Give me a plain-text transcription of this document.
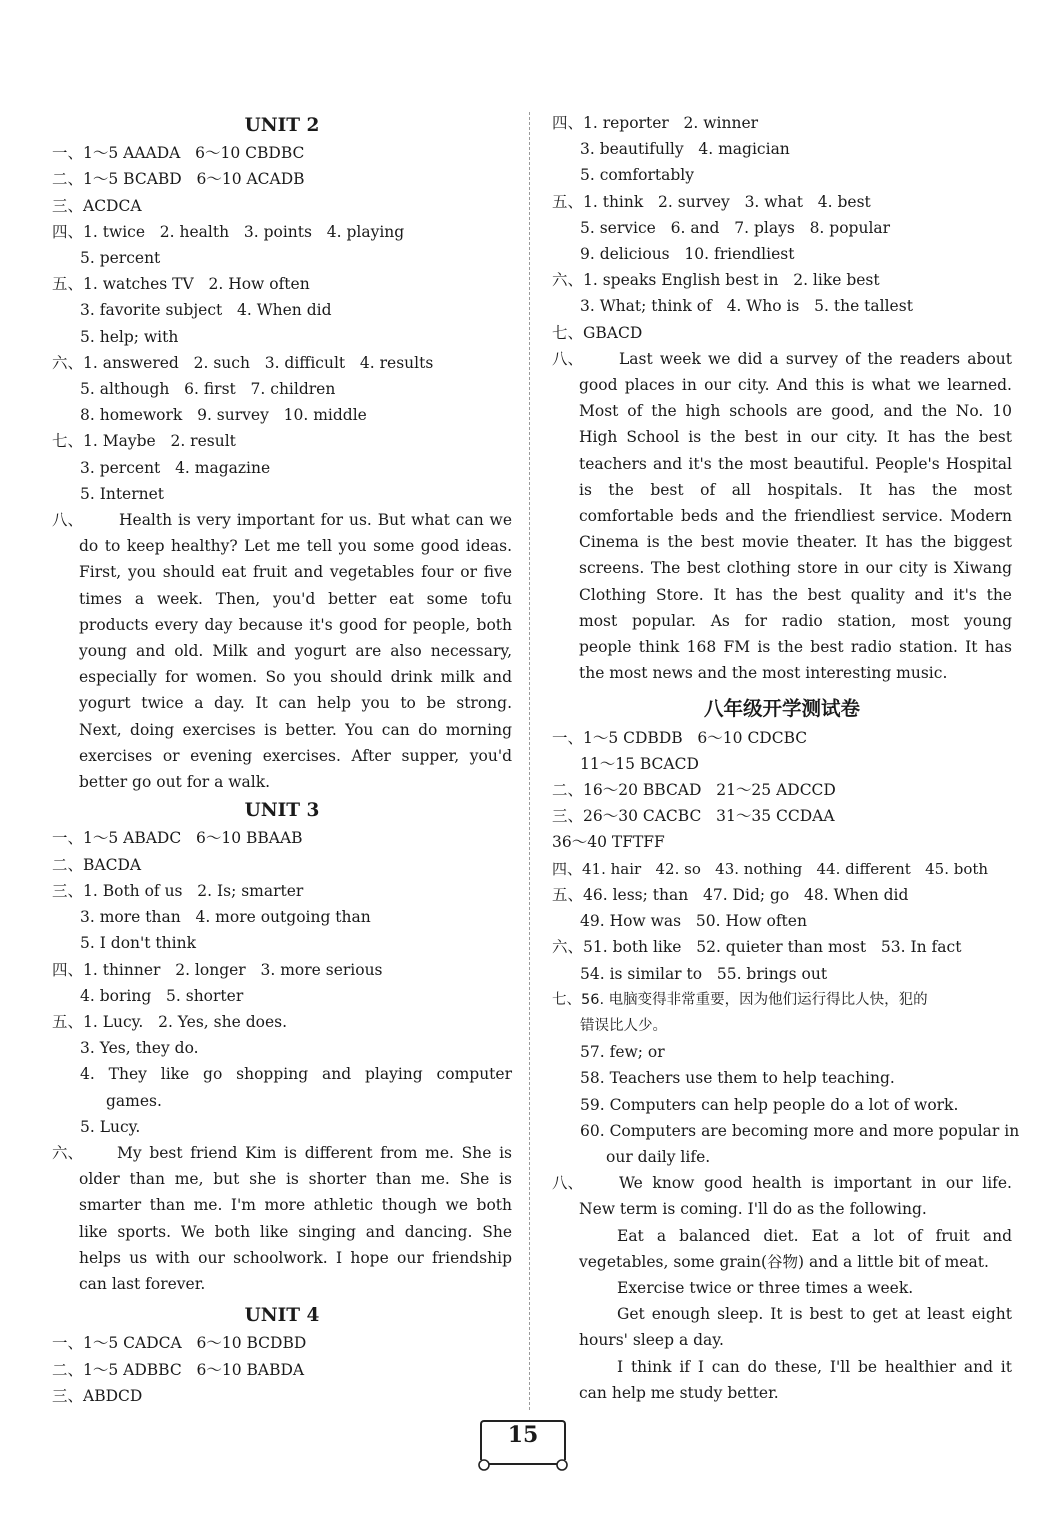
UNIT 2
一、1～5 AAADA   6～10 CBDBC
二、1～5 BCABD   6～10 ACADB
三、ACDCA
四、1. twice   2. health   3. points   4. playing
5. percent
五、1. watches TV   2. How often
3. favorite subject   4. When did
5. help; with
六、1. answered   2. such   3. difficult   4. results
5. although   6. first   7. children
8. homework   9. survey   10. middle
七、1. Maybe   2. result
3. percent   4. magazine
5. Internet
八、	Health is very important for us. But what can we
do to keep healthy? Let me tell you some good ideas.
First, you should eat fruit and vegetables four or five
times a week. Then, you'd better eat some tofu
products every day because it's good for people, both
young and old. Milk and yogurt are also necessary,
especially for women. So you should drink milk and
yogurt twice a day. It can help you to be strong.
Next, doing exercises is better. You can do morning
exercises or evening exercises. After supper, you'd
better go out for a walk.
UNIT 3
一、1～5 ABADC   6～10 BBAAB
二、BACDA
三、1. Both of us   2. Is; smarter
3. more than   4. more outgoing than
5. I don't think
四、1. thinner   2. longer   3. more serious
4. boring   5. shorter
五、1. Lucy.   2. Yes, she does.
3. Yes, they do.
4. They like go shopping and playing computer
games.
5. Lucy.
六、	My best friend Kim is different from me. She is
older than me, but she is shorter than me. She is
smarter than me. I'm more athletic though we both
like sports. We both like singing and dancing. She
helps us with our schoolwork. I hope our friendship
can last forever.
UNIT 4
一、1～5 CADCA   6～10 BCDBD
二、1～5 ADBBC   6～10 BABDA
三、ABDCD
四、1. reporter   2. winner
3. beautifully   4. magician
5. comfortably
五、1. think   2. survey   3. what   4. best
5. service   6. and   7. plays   8. popular
9. delicious   10. friendliest
六、1. speaks English best in   2. like best
3. What; think of   4. Who is   5. the tallest
七、GBACD
八、	Last week we did a survey of the readers about
good places in our city. And this is what we learned.
Most of the high schools are good, and the No. 10
High School is the best in our city. It has the best
teachers and it's the most beautiful. People's Hospital
is the best of all hospitals. It has the most
comfortable beds and the friendliest service. Modern
Cinema is the best movie theater. It has the biggest
screens. The best clothing store in our city is Xiwang
Clothing Store. It has the best quality and it's the
most popular. As for radio station, most young
people think 168 FM is the best radio station. It has
the most news and the most interesting music.
八年级开学测试卷
一、1～5 CDBDB   6～10 CDCBC
11～15 BCACD
二、16～20 BBCAD   21～25 ADCCD
三、26～30 CACBC   31～35 CCDAA
36～40 TFTFF
四、41. hair   42. so   43. nothing   44. different   45. both
五、46. less; than   47. Did; go   48. When did
49. How was   50. How often
六、51. both like   52. quieter than most   53. In fact
54. is similar to   55. brings out
七、56. 电脑变得非常重要，因为他们运行得比人快，犯的
错误比人少。
57. few; or
58. Teachers use them to help teaching.
59. Computers can help people do a lot of work.
60. Computers are becoming more and more popular in
our daily life.
八、	We know good health is important in our life.
New term is coming. I'll do as the following.
Eat a balanced diet. Eat a lot of fruit and
vegetables, some grain(谷物) and a little bit of meat.
Exercise twice or three times a week.
Get enough sleep. It is best to get at least eight
hours' sleep a day.
I think if I can do these, I'll be healthier and it
can help me study better.
15
